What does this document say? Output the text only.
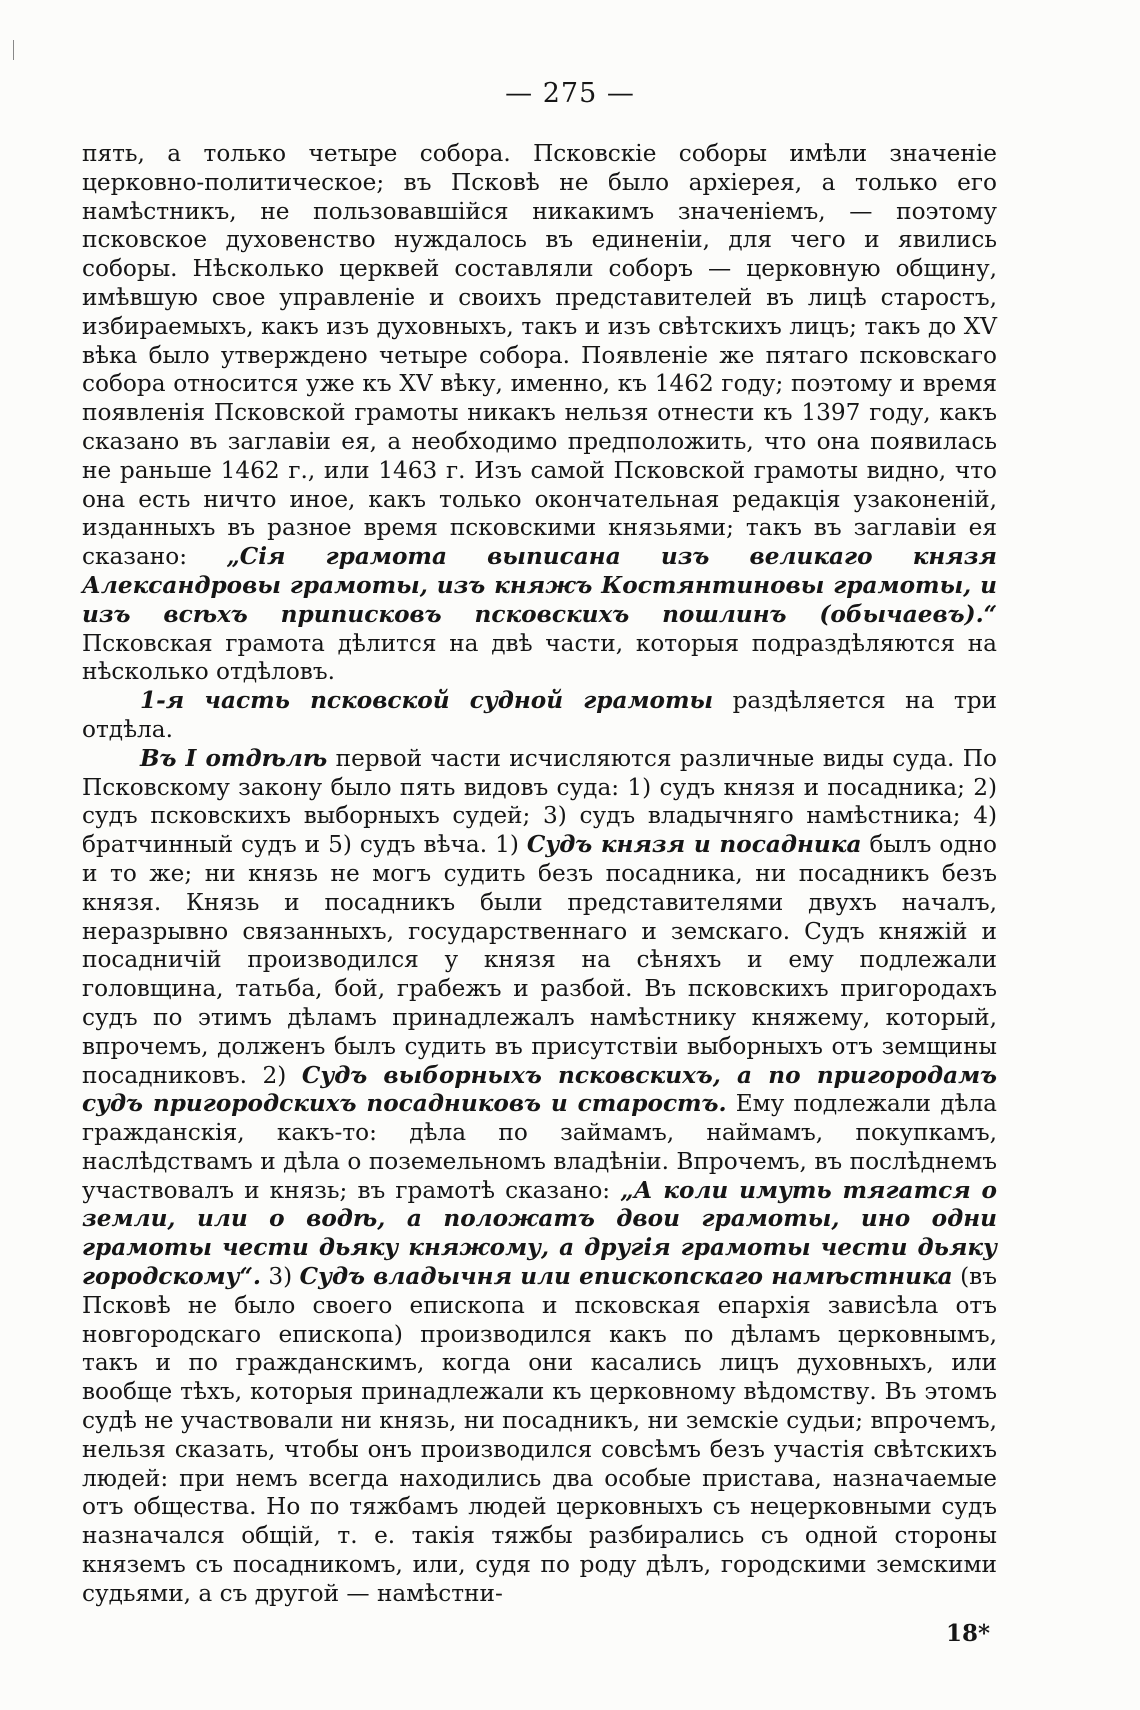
— 275 —

пять, а только четыре собора. Псковскіе соборы имѣли значеніе церковно-политическое; въ Псковѣ не было архіерея, а только его намѣстникъ, не пользовавшійся никакимъ значеніемъ, — поэтому псковское духовенство нуждалось въ единеніи, для чего и явились соборы. Нѣсколько церквей составляли соборъ — церковную общину, имѣвшую свое управленіе и своихъ представителей въ лицѣ старостъ, избираемыхъ, какъ изъ духовныхъ, такъ и изъ свѣтскихъ лицъ; такъ до XV вѣка было утверждено четыре собора. Появленіе же пятаго псковскаго собора относится уже къ XV вѣку, именно, къ 1462 году; поэтому и время появленія Псковской грамоты никакъ нельзя отнести къ 1397 году, какъ сказано въ заглавіи ея, а необходимо предположить, что она появилась не раньше 1462 г., или 1463 г. Изъ самой Псковской грамоты видно, что она есть ничто иное, какъ только окончательная редакція узаконеній, изданныхъ въ разное время псковскими князьями; такъ въ заглавіи ея сказано: „Сія грамота выписана изъ великаго князя Александровы грамоты, изъ княжъ Костянтиновы грамоты, и изъ всѣхъ приписковъ псковскихъ пошлинъ (обычаевъ).“ Псковская грамота дѣлится на двѣ части, которыя подраздѣляются на нѣсколько отдѣловъ.

1-я часть псковской судной грамоты раздѣляется на три отдѣла.

Въ I отдѣлѣ первой части исчисляются различные виды суда. По Псковскому закону было пять видовъ суда: 1) судъ князя и посадника; 2) судъ псковскихъ выборныхъ судей; 3) судъ владычняго намѣстника; 4) братчинный судъ и 5) судъ вѣча. 1) Судъ князя и посадника былъ одно и то же; ни князь не могъ судить безъ посадника, ни посадникъ безъ князя. Князь и посадникъ были представителями двухъ началъ, неразрывно связанныхъ, государственнаго и земскаго. Судъ княжій и посадничій производился у князя на сѣняхъ и ему подлежали головщина, татьба, бой, грабежъ и разбой. Въ псковскихъ пригородахъ судъ по этимъ дѣламъ принадлежалъ намѣстнику княжему, который, впрочемъ, долженъ былъ судить въ присутствіи выборныхъ отъ земщины посадниковъ. 2) Судъ выборныхъ псковскихъ, а по пригородамъ судъ пригородскихъ посадниковъ и старостъ. Ему подлежали дѣла гражданскія, какъ-то: дѣла по займамъ, наймамъ, покупкамъ, наслѣдствамъ и дѣла о поземельномъ владѣніи. Впрочемъ, въ послѣднемъ участвовалъ и князь; въ грамотѣ сказано: „А коли имуть тягатся о земли, или о водѣ, а положатъ двои грамоты, ино одни грамоты чести дьяку княжому, а другія грамоты чести дьяку городскому“. 3) Судъ владычня или епископскаго намѣстника (въ Псковѣ не было своего епископа и псковская епархія зависѣла отъ новгородскаго епископа) производился какъ по дѣламъ церковнымъ, такъ и по гражданскимъ, когда они касались лицъ духовныхъ, или вообще тѣхъ, которыя принадлежали къ церковному вѣдомству. Въ этомъ судѣ не участвовали ни князь, ни посадникъ, ни земскіе судьи; впрочемъ, нельзя сказать, чтобы онъ производился совсѣмъ безъ участія свѣтскихъ людей: при немъ всегда находились два особые пристава, назначаемые отъ общества. Но по тяжбамъ людей церковныхъ съ нецерковными судъ назначался общій, т. е. такія тяжбы разбирались съ одной стороны княземъ съ посадникомъ, или, судя по роду дѣлъ, городскими земскими судьями, а съ другой — намѣстни-

18*
